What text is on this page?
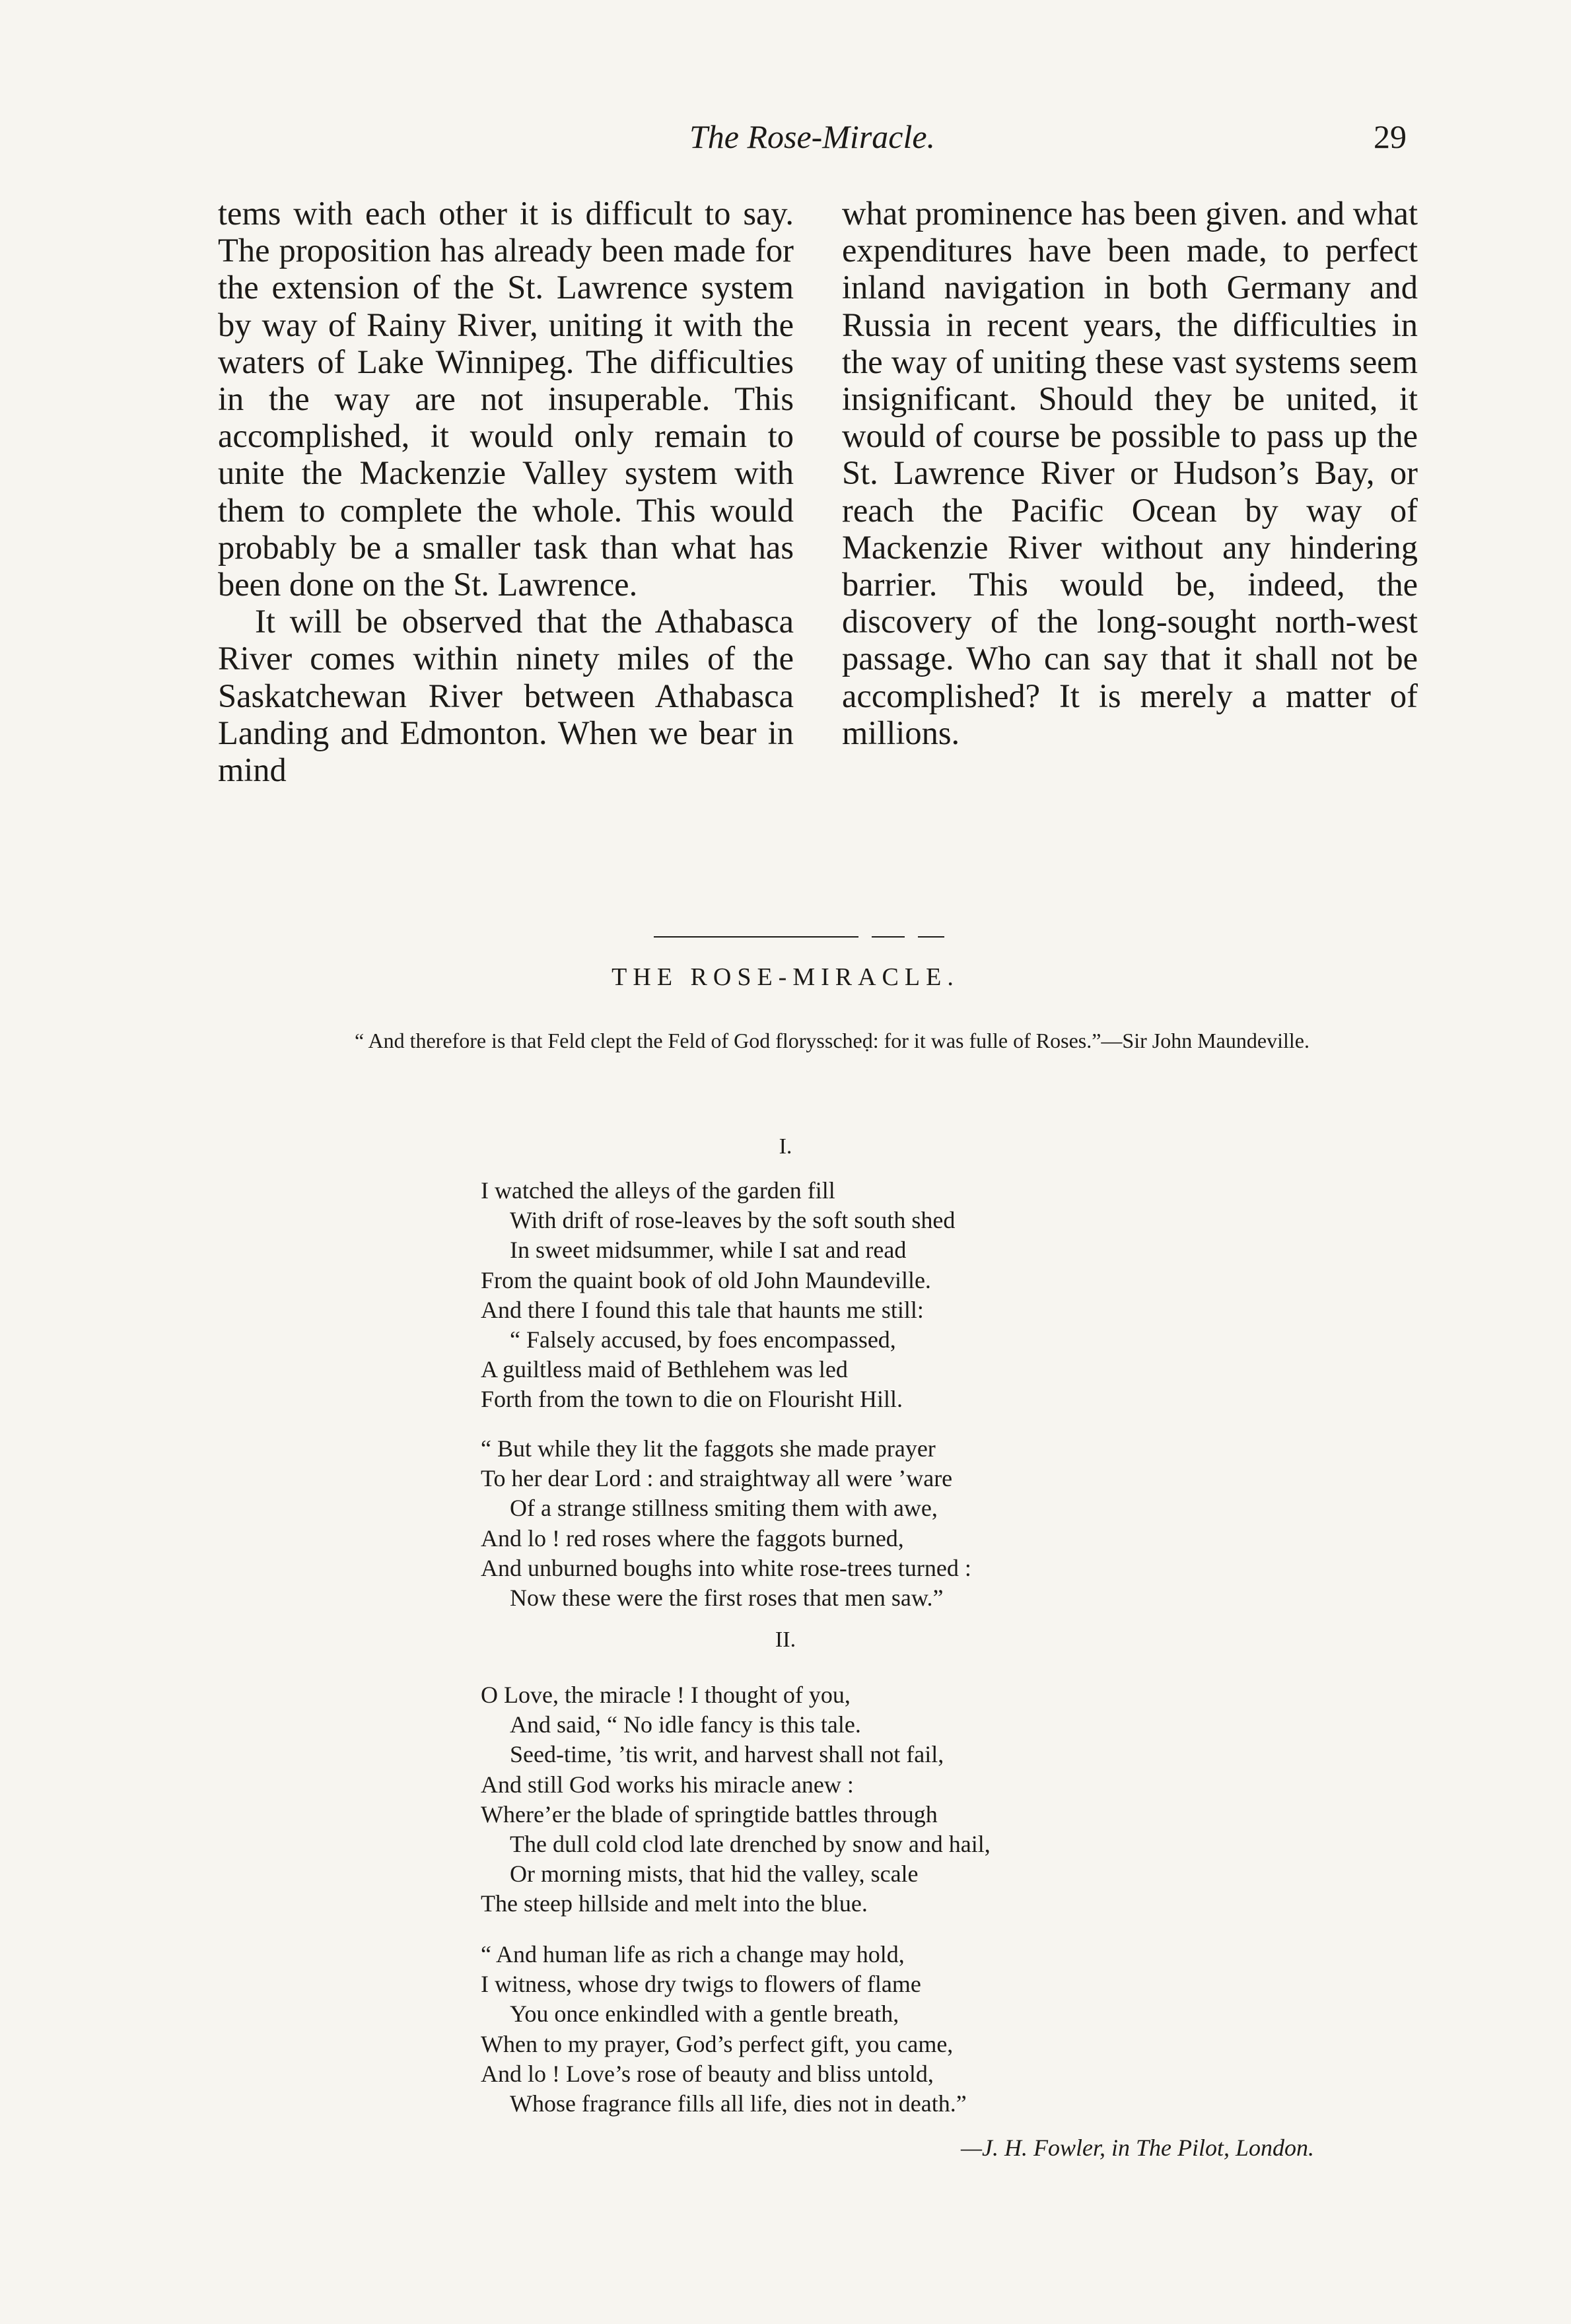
The Rose-Miracle.	29

tems with each other it is difficult to say. The proposition has already been made for the extension of the St. Lawrence system by way of Rainy River, uniting it with the waters of Lake Winnipeg. The difficulties in the way are not insuperable. This accomplished, it would only remain to unite the Mackenzie Valley system with them to complete the whole. This would probably be a smaller task than what has been done on the St. Lawrence.

It will be observed that the Athabasca River comes within ninety miles of the Saskatchewan River between Athabasca Landing and Edmonton. When we bear in mind

what prominence has been given. and what expenditures have been made, to perfect inland navigation in both Germany and Russia in recent years, the difficulties in the way of uniting these vast systems seem insignificant. Should they be united, it would of course be possible to pass up the St. Lawrence River or Hudson’s Bay, or reach the Pacific Ocean by way of Mackenzie River without any hindering barrier. This would be, indeed, the discovery of the long-sought north-west passage. Who can say that it shall not be accomplished? It is merely a matter of millions.

THE ROSE-MIRACLE.
“ And therefore is that Feld clept the Feld of God florysscheḍ: for it was fulle of Roses.”—Sir John Maundeville.
I.
I watched the alleys of the garden fill
With drift of rose-leaves by the soft south shed
In sweet midsummer, while I sat and read
From the quaint book of old John Maundeville.
And there I found this tale that haunts me still:
“ Falsely accused, by foes encompassed,
A guiltless maid of Bethlehem was led
Forth from the town to die on Flourisht Hill.
“ But while they lit the faggots she made prayer
To her dear Lord : and straightway all were ’ware
Of a strange stillness smiting them with awe,
And lo ! red roses where the faggots burned,
And unburned boughs into white rose-trees turned :
Now these were the first roses that men saw.”
II.
O Love, the miracle ! I thought of you,
And said, “ No idle fancy is this tale.
Seed-time, ’tis writ, and harvest shall not fail,
And still God works his miracle anew :
Where’er the blade of springtide battles through
The dull cold clod late drenched by snow and hail,
Or morning mists, that hid the valley, scale
The steep hillside and melt into the blue.
“ And human life as rich a change may hold,
I witness, whose dry twigs to flowers of flame
You once enkindled with a gentle breath,
When to my prayer, God’s perfect gift, you came,
And lo ! Love’s rose of beauty and bliss untold,
Whose fragrance fills all life, dies not in death.”
—J. H. Fowler, in The Pilot, London.
